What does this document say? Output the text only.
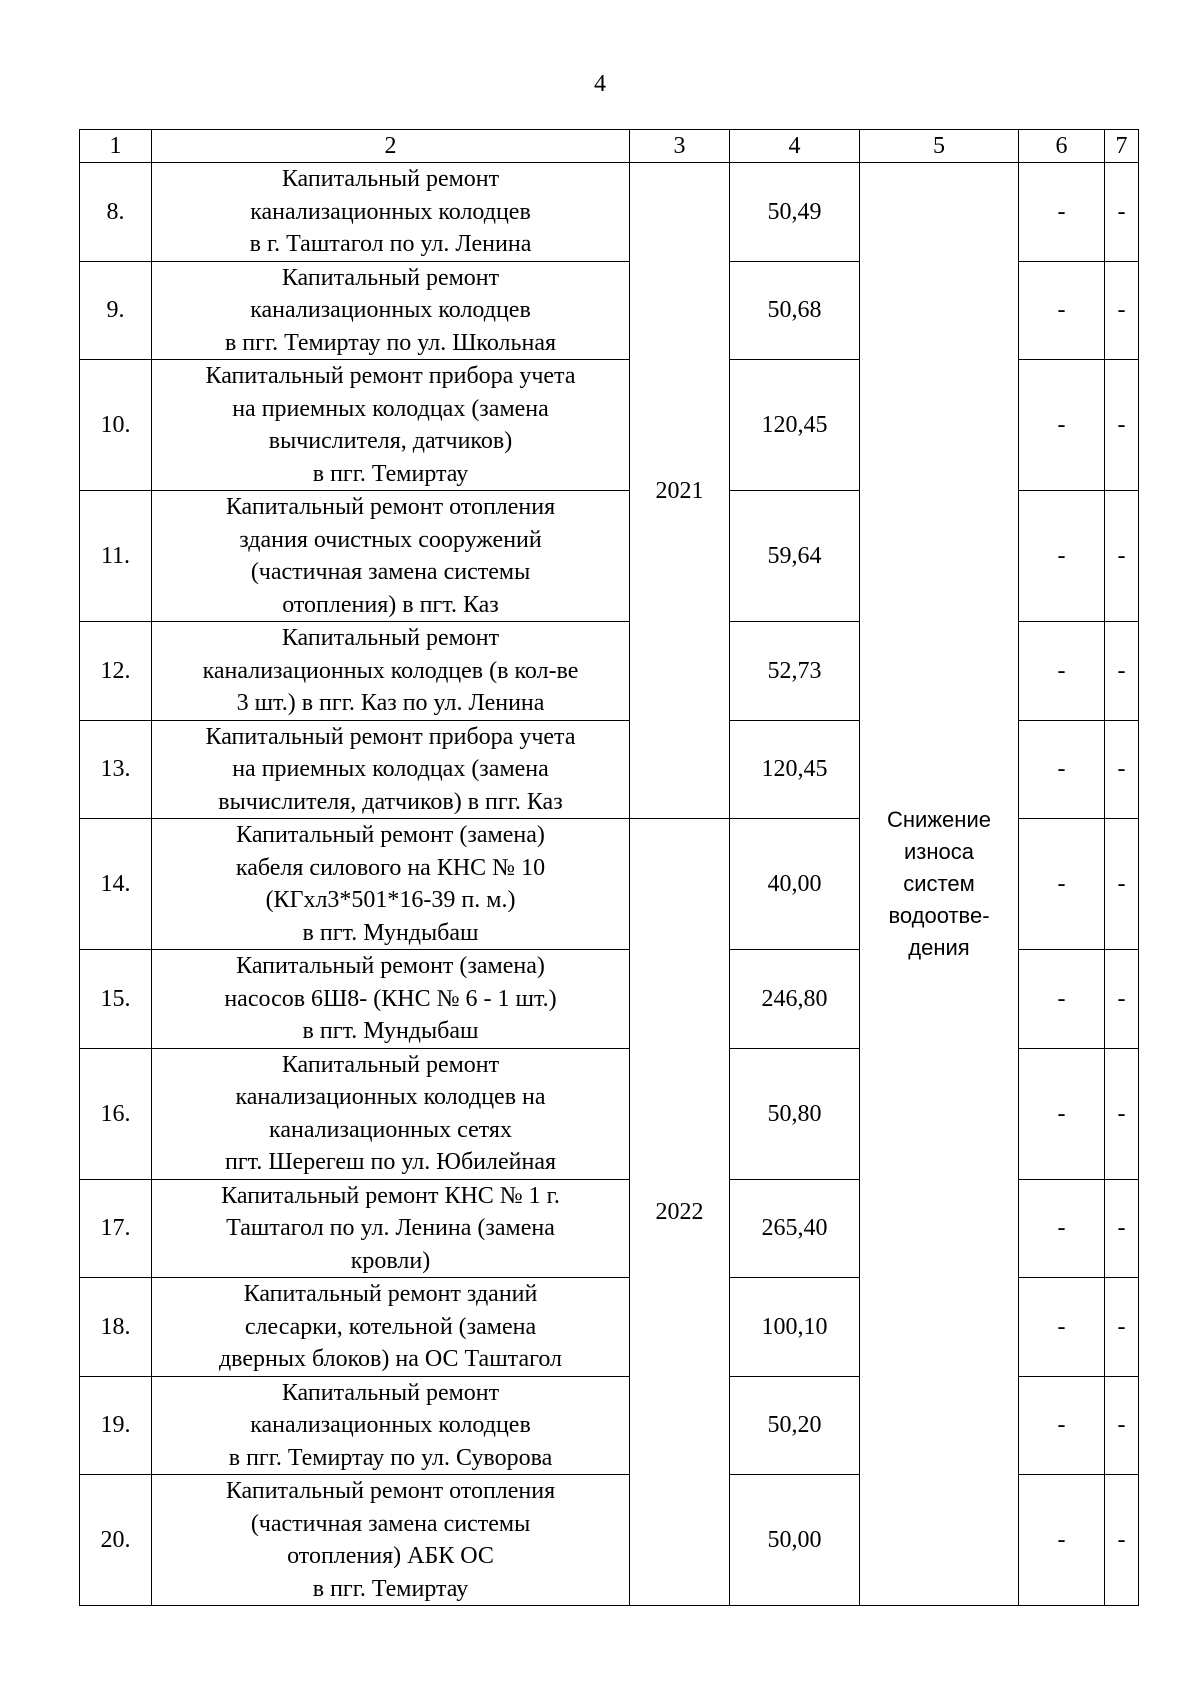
4
1	2	3	4	5	6	7
8.	Капитальный ремонт
канализационных колодцев
в г. Таштагол по ул. Ленина	2021	50,49	Снижение
износа
систем
водоотве-
дения	-	-
9.	Капитальный ремонт
канализационных колодцев
в пгг. Темиртау по ул. Школьная		50,68		-	-
10.	Капитальный ремонт прибора учета
на приемных колодцах (замена
вычислителя, датчиков)
в пгг. Темиртау		120,45		-	-
11.	Капитальный ремонт отопления
здания очистных сооружений
(частичная замена системы
отопления) в пгт. Каз		59,64		-	-
12.	Капитальный ремонт
канализационных колодцев (в кол-ве
3 шт.) в пгг. Каз по ул. Ленина		52,73		-	-
13.	Капитальный ремонт прибора учета
на приемных колодцах (замена
вычислителя, датчиков) в пгг. Каз		120,45		-	-
14.	Капитальный ремонт (замена)
кабеля силового на КНС № 10
(КГхл3*501*16-39 п. м.)
в пгт. Мундыбаш	2022	40,00		-	-
15.	Капитальный ремонт (замена)
насосов 6Ш8- (КНС № 6 - 1 шт.)
в пгт. Мундыбаш		246,80		-	-
16.	Капитальный ремонт
канализационных колодцев на
канализационных сетях
пгт. Шерегеш по ул. Юбилейная		50,80		-	-
17.	Капитальный ремонт КНС № 1 г.
Таштагол по ул. Ленина (замена
кровли)		265,40		-	-
18.	Капитальный ремонт зданий
слесарки, котельной (замена
дверных блоков) на ОС Таштагол		100,10		-	-
19.	Капитальный ремонт
канализационных колодцев
в пгг. Темиртау по ул. Суворова		50,20		-	-
20.	Капитальный ремонт отопления
(частичная замена системы
отопления) АБК ОС
в пгг. Темиртау		50,00		-	-
